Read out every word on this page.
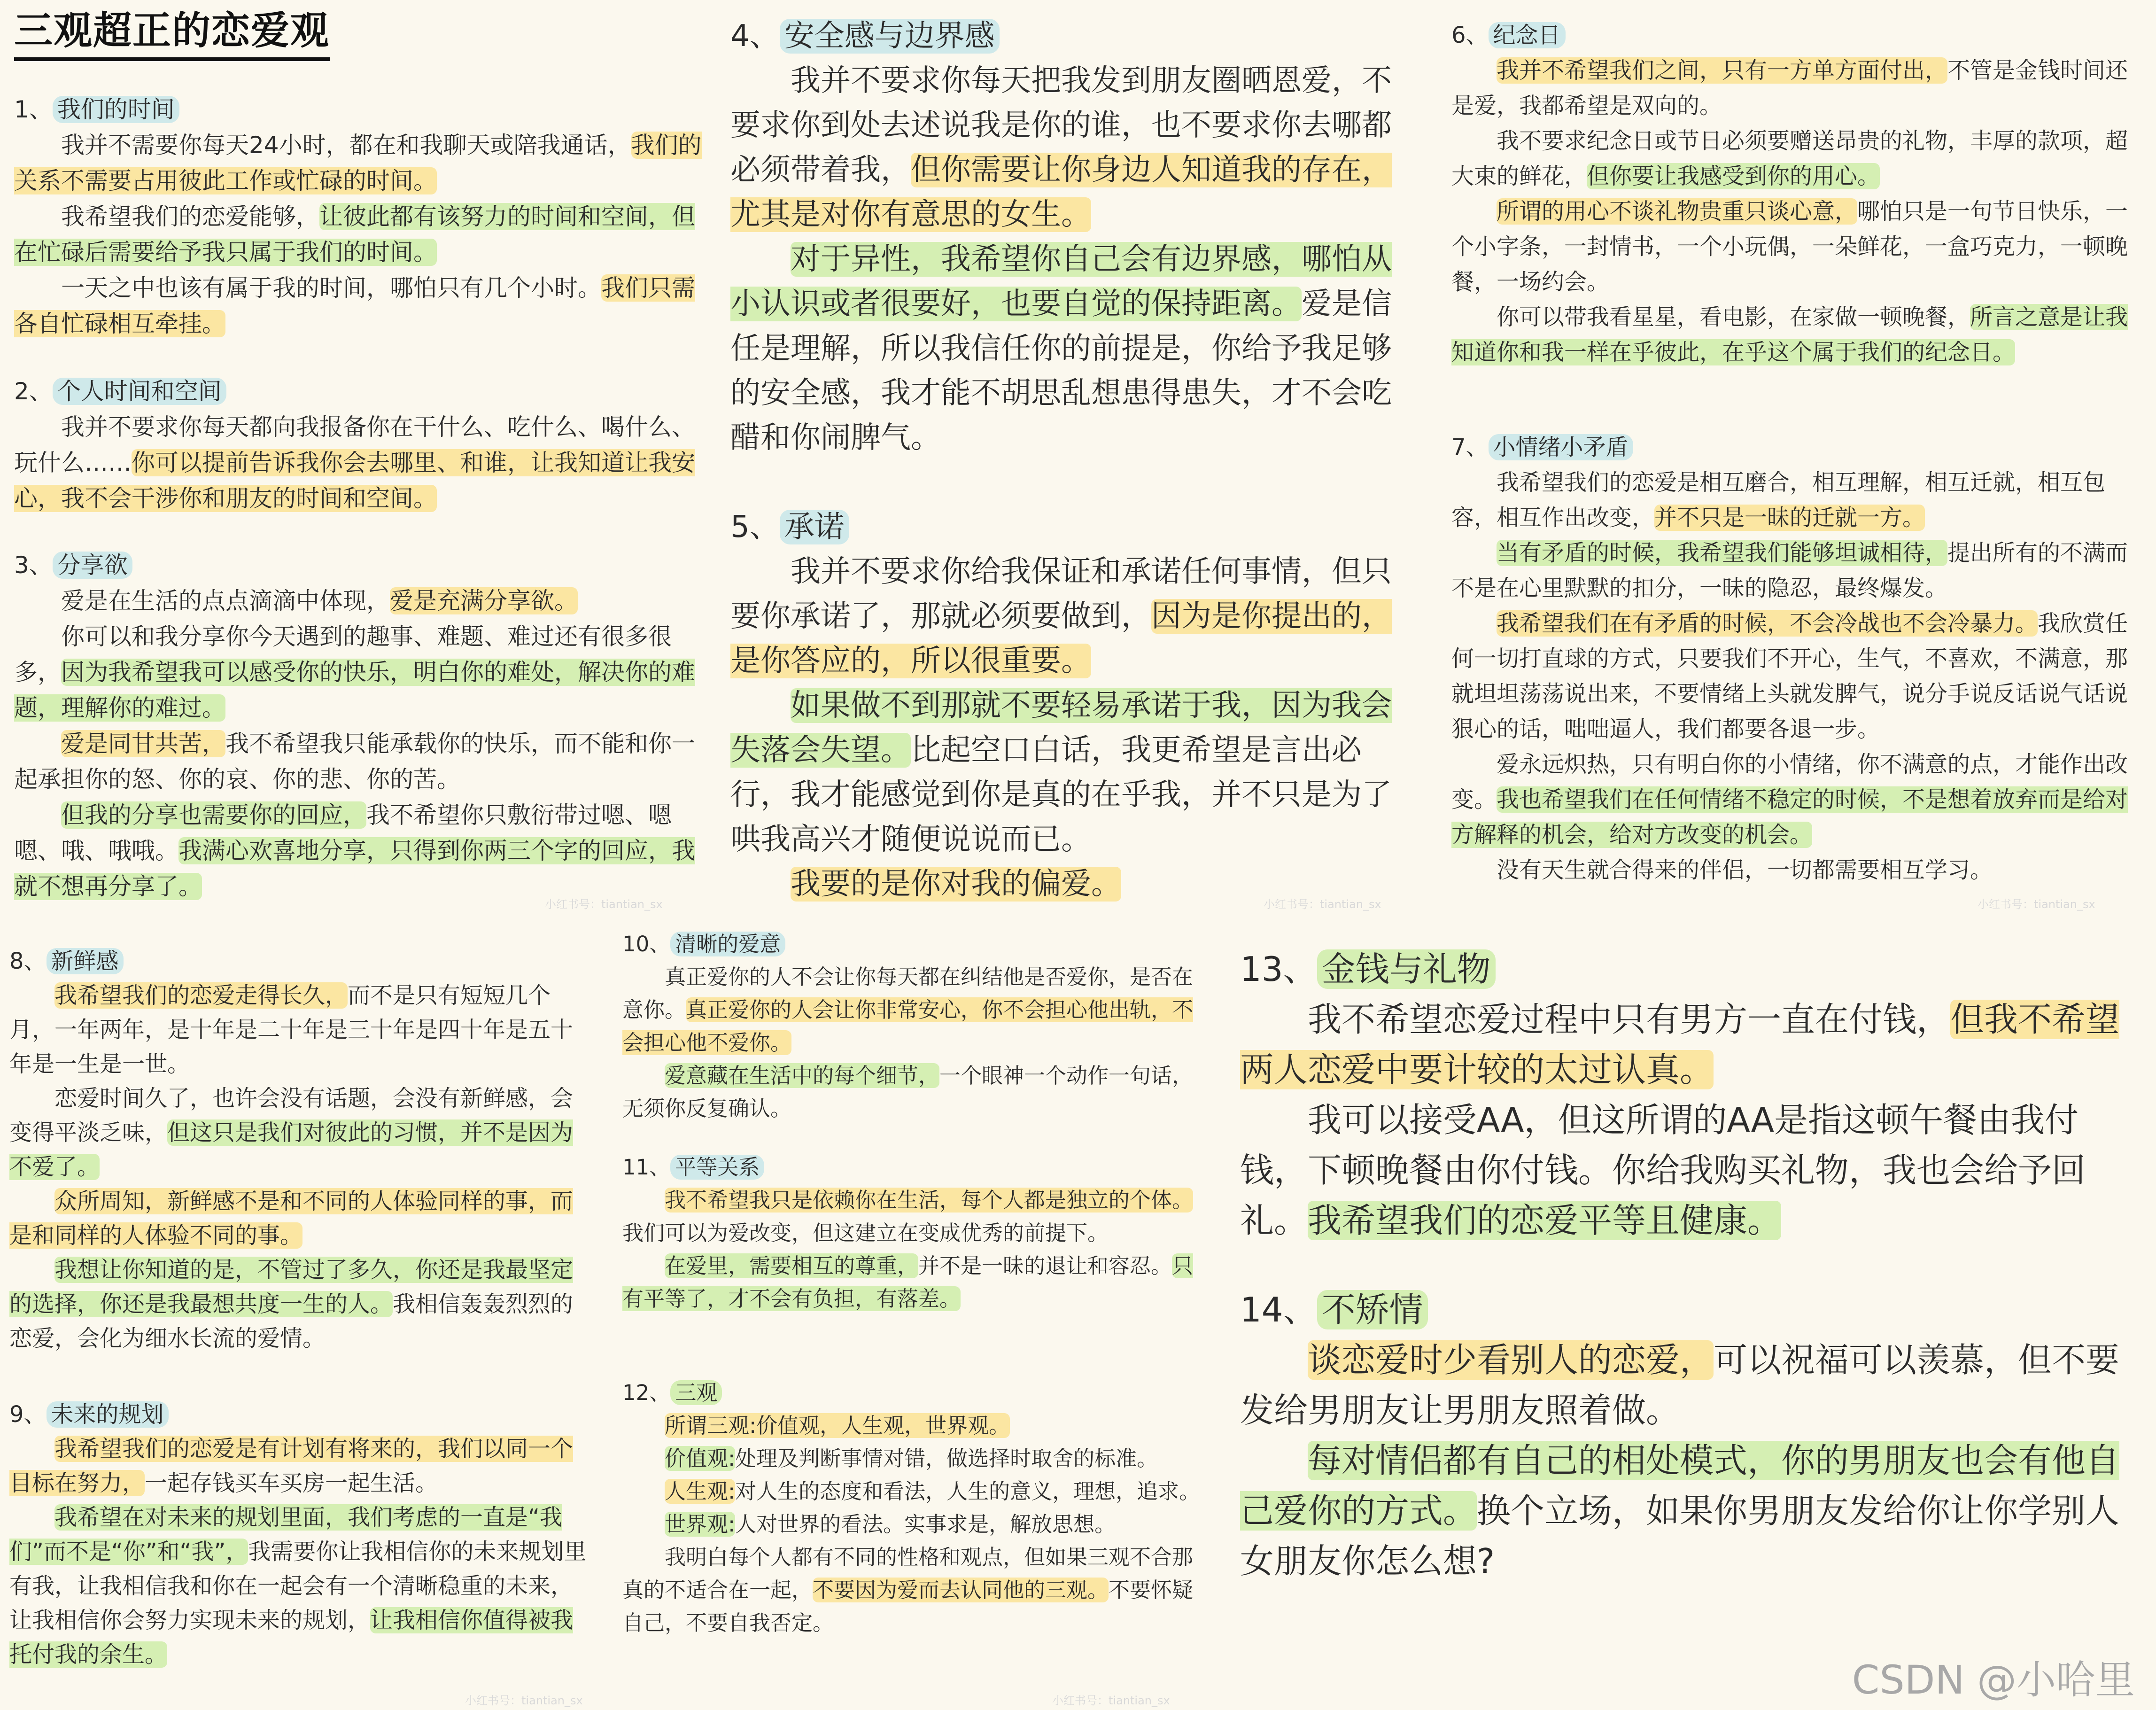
三观超正的恋爱观
1、 我们的时间

我并不需要你每天24小时，都在和我聊天或陪我通话，我们的关系不需要占用彼此工作或忙碌的时间。

我希望我们的恋爱能够，让彼此都有该努力的时间和空间，但在忙碌后需要给予我只属于我们的时间。

一天之中也该有属于我的时间，哪怕只有几个小时。我们只需各自忙碌相互牵挂。

2、 个人时间和空间

我并不要求你每天都向我报备你在干什么、吃什么、喝什么、玩什么……你可以提前告诉我你会去哪里、和谁，让我知道让我安心，我不会干涉你和朋友的时间和空间。

3、 分享欲

爱是在生活的点点滴滴中体现，爱是充满分享欲。

你可以和我分享你今天遇到的趣事、难题、难过还有很多很多，因为我希望我可以感受你的快乐，明白你的难处，解决你的难题，理解你的难过。

爱是同甘共苦，我不希望我只能承载你的快乐，而不能和你一起承担你的怒、你的哀、你的悲、你的苦。

但我的分享也需要你的回应，我不希望你只敷衍带过嗯、嗯嗯、哦、哦哦。我满心欢喜地分享，只得到你两三个字的回应，我就不想再分享了。

4、 安全感与边界感

我并不要求你每天把我发到朋友圈晒恩爱，不要求你到处去述说我是你的谁，也不要求你去哪都必须带着我，但你需要让你身边人知道我的存在，尤其是对你有意思的女生。

对于异性，我希望你自己会有边界感，哪怕从小认识或者很要好，也要自觉的保持距离。爱是信任是理解，所以我信任你的前提是，你给予我足够的安全感，我才能不胡思乱想患得患失，才不会吃醋和你闹脾气。

5、 承诺

我并不要求你给我保证和承诺任何事情，但只要你承诺了，那就必须要做到，因为是你提出的，是你答应的，所以很重要。

如果做不到那就不要轻易承诺于我，因为我会失落会失望。比起空口白话，我更希望是言出必行，我才能感觉到你是真的在乎我，并不只是为了哄我高兴才随便说说而已。

我要的是你对我的偏爱。

6、 纪念日

我并不希望我们之间，只有一方单方面付出，不管是金钱时间还是爱，我都希望是双向的。

我不要求纪念日或节日必须要赠送昂贵的礼物，丰厚的款项，超大束的鲜花，但你要让我感受到你的用心。

所谓的用心不谈礼物贵重只谈心意，哪怕只是一句节日快乐，一个小字条，一封情书，一个小玩偶，一朵鲜花，一盒巧克力，一顿晚餐，一场约会。

你可以带我看星星，看电影，在家做一顿晚餐，所言之意是让我知道你和我一样在乎彼此，在乎这个属于我们的纪念日。

7、 小情绪小矛盾

我希望我们的恋爱是相互磨合，相互理解，相互迁就，相互包容，相互作出改变，并不只是一昧的迁就一方。

当有矛盾的时候，我希望我们能够坦诚相待，提出所有的不满而不是在心里默默的扣分，一昧的隐忍，最终爆发。

我希望我们在有矛盾的时候，不会冷战也不会冷暴力。我欣赏任何一切打直球的方式，只要我们不开心，生气，不喜欢，不满意，那就坦坦荡荡说出来，不要情绪上头就发脾气，说分手说反话说气话说狠心的话，咄咄逼人，我们都要各退一步。

爱永远炽热，只有明白你的小情绪，你不满意的点，才能作出改变。我也希望我们在任何情绪不稳定的时候，不是想着放弃而是给对方解释的机会，给对方改变的机会。

没有天生就合得来的伴侣，一切都需要相互学习。

8、 新鲜感

我希望我们的恋爱走得长久，而不是只有短短几个月，一年两年，是十年是二十年是三十年是四十年是五十年是一生是一世。

恋爱时间久了，也许会没有话题，会没有新鲜感，会变得平淡乏味，但这只是我们对彼此的习惯，并不是因为不爱了。

众所周知，新鲜感不是和不同的人体验同样的事，而是和同样的人体验不同的事。

我想让你知道的是，不管过了多久，你还是我最坚定的选择，你还是我最想共度一生的人。我相信轰轰烈烈的恋爱，会化为细水长流的爱情。

9、 未来的规划

我希望我们的恋爱是有计划有将来的，我们以同一个目标在努力，一起存钱买车买房一起生活。

我希望在对未来的规划里面，我们考虑的一直是“我们”而不是“你”和“我”，我需要你让我相信你的未来规划里有我，让我相信我和你在一起会有一个清晰稳重的未来，让我相信你会努力实现未来的规划，让我相信你值得被我托付我的余生。

10、 清晰的爱意

真正爱你的人不会让你每天都在纠结他是否爱你，是否在意你。真正爱你的人会让你非常安心，你不会担心他出轨，不会担心他不爱你。

爱意藏在生活中的每个细节，一个眼神一个动作一句话，无须你反复确认。

11、 平等关系

我不希望我只是依赖你在生活，每个人都是独立的个体。我们可以为爱改变，但这建立在变成优秀的前提下。

在爱里，需要相互的尊重，并不是一昧的退让和容忍。只有平等了，才不会有负担，有落差。

12、 三观

所谓三观:价值观，人生观，世界观。

价值观:处理及判断事情对错，做选择时取舍的标准。

人生观:对人生的态度和看法，人生的意义，理想，追求。

世界观:人对世界的看法。实事求是，解放思想。

我明白每个人都有不同的性格和观点，但如果三观不合那真的不适合在一起，不要因为爱而去认同他的三观。不要怀疑自己，不要自我否定。

13、 金钱与礼物

我不希望恋爱过程中只有男方一直在付钱，但我不希望两人恋爱中要计较的太过认真。

我可以接受AA，但这所谓的AA是指这顿午餐由我付钱，下顿晚餐由你付钱。你给我购买礼物，我也会给予回礼。我希望我们的恋爱平等且健康。

14、 不矫情

谈恋爱时少看别人的恋爱，可以祝福可以羡慕，但不要发给男朋友让男朋友照着做。

每对情侣都有自己的相处模式，你的男朋友也会有他自己爱你的方式。换个立场，如果你男朋友发给你让你学别人女朋友你怎么想?

小红书号：tiantian_sx	小红书号：tiantian_sx	小红书号：tiantian_sx
小红书号：tiantian_sx	小红书号：tiantian_sx	CSDN @小哈里
